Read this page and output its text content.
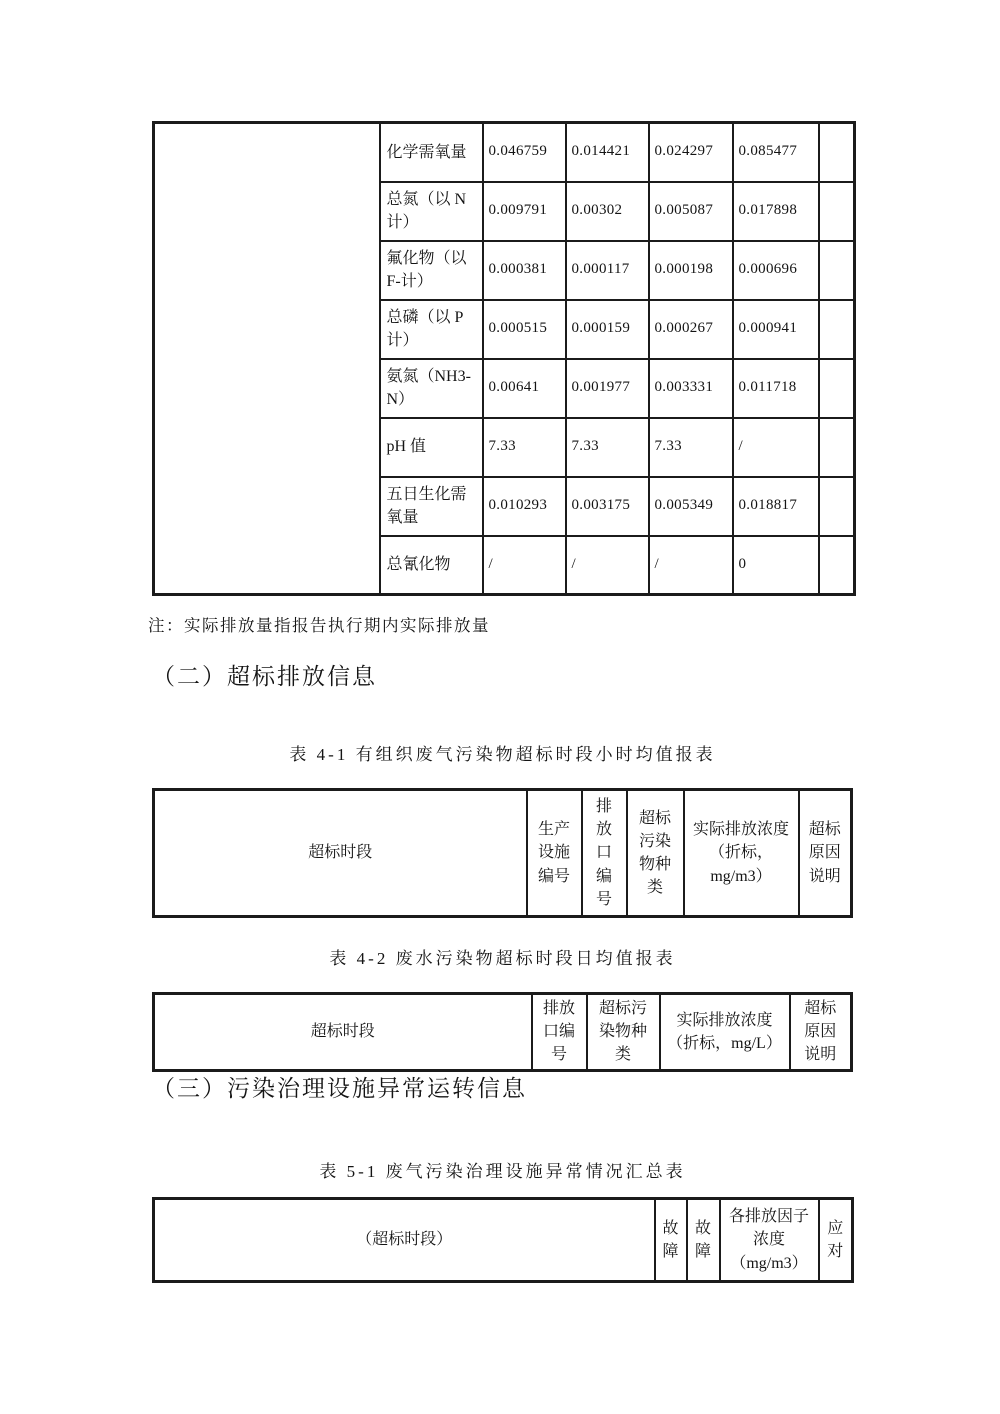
	化学需氧量	0.046759	0.014421	0.024297	0.085477	
	总氮（以 N 计）	0.009791	0.00302	0.005087	0.017898	
	氟化物（以 F-计）	0.000381	0.000117	0.000198	0.000696	
	总磷（以 P 计）	0.000515	0.000159	0.000267	0.000941	
	氨氮（NH3-N）	0.00641	0.001977	0.003331	0.011718	
	pH 值	7.33	7.33	7.33	/	
	五日生化需氧量	0.010293	0.003175	0.005349	0.018817	
	总氰化物	/	/	/	0	
注：实际排放量指报告执行期内实际排放量
（二）超标排放信息
表 4-1 有组织废气污染物超标时段小时均值报表
超标时段	生产设施编号	排放口编号	超标污染物种类	实际排放浓度（折标，mg/m3）	超标原因说明
表 4-2 废水污染物超标时段日均值报表
超标时段	排放口编号	超标污染物种类	实际排放浓度（折标，mg/L）	超标原因说明
（三）污染治理设施异常运转信息
表 5-1 废气污染治理设施异常情况汇总表
（超标时段）	故障	故障	各排放因子浓度（mg/m3）	应对
